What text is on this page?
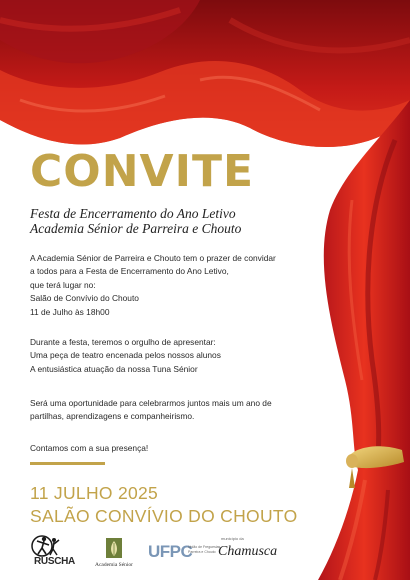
CONVITE
Festa de Encerramento do Ano Letivo
Academia Sénior de Parreira e Chouto
A Academia Sénior de Parreira e Chouto tem o prazer de convidar
a todos para a Festa de Encerramento do Ano Letivo,
que terá lugar no:
Salão de Convívio do Chouto
11 de Julho às 18h00
Durante a festa, teremos o orgulho de apresentar:
Uma peça de teatro encenada pelos nossos alunos
A entusiástica atuação da nossa Tuna Sénior
Será uma oportunidade para celebrarmos juntos mais um ano de
partilhas, aprendizagens e companheirismo.
Contamos com a sua presença!
11 JULHO 2025
SALÃO CONVÍVIO DO CHOUTO
RUSCHA	Academia Sénior
UFPC
União de Freguesias Parreira e Chouto
município da
Chamusca
